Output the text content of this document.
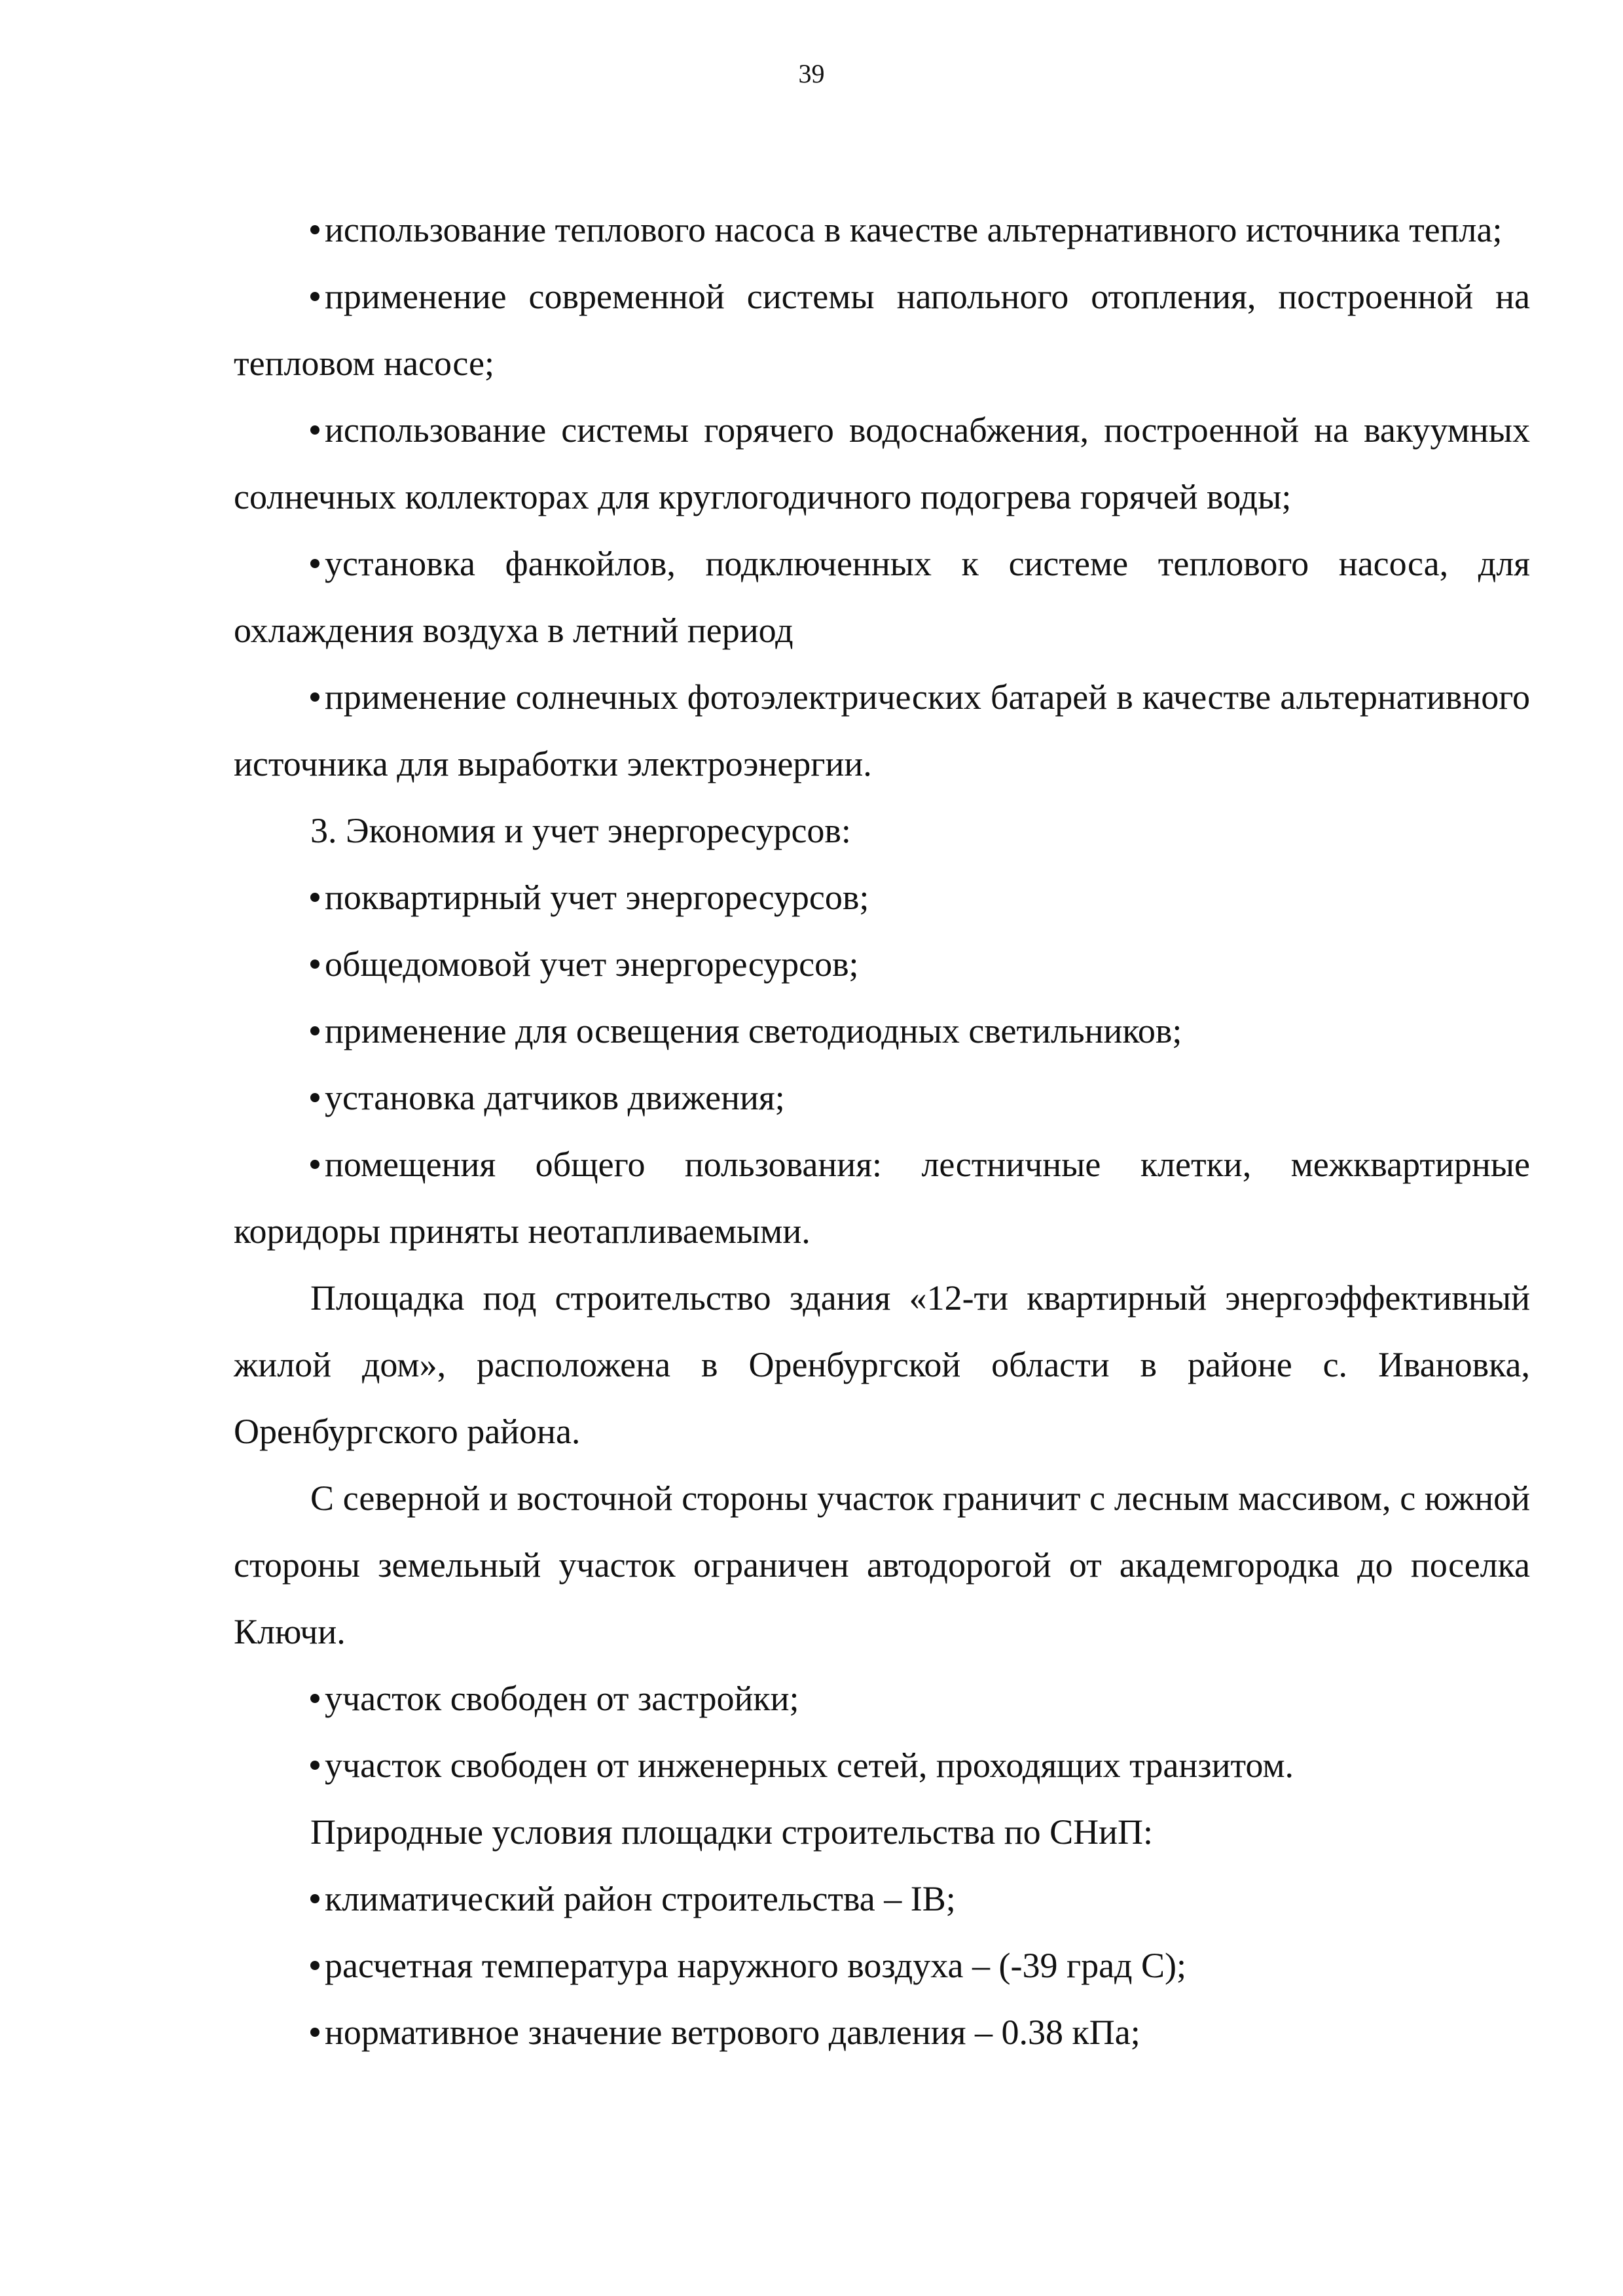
39

использование теплового насоса в качестве альтернативного источника тепла;

применение современной системы напольного отопления, построенной на тепловом насосе;

использование системы горячего водоснабжения, построенной на вакуумных солнечных коллекторах для круглогодичного подогрева горячей воды;

установка фанкойлов, подключенных к системе теплового насоса, для охлаждения воздуха в летний период

применение солнечных фотоэлектрических батарей в качестве альтернативного источника для выработки электроэнергии.

3. Экономия и учет энергоресурсов:

поквартирный учет энергоресурсов;

общедомовой учет энергоресурсов;

применение для освещения светодиодных светильников;

установка датчиков движения;

помещения общего пользования: лестничные клетки, межквартирные коридоры приняты неотапливаемыми.

Площадка под строительство здания «12-ти квартирный энергоэффективный жилой дом», расположена в Оренбургской области в районе с. Ивановка, Оренбургского района.

С северной и восточной стороны участок граничит с лесным массивом, с южной стороны земельный участок ограничен автодорогой от академгородка до поселка Ключи.

участок свободен от застройки;

участок свободен от инженерных сетей, проходящих транзитом.

Природные условия площадки строительства по СНиП:

климатический район строительства – IB;

расчетная температура наружного воздуха – (-39 град С);

нормативное значение ветрового давления – 0.38 кПа;
